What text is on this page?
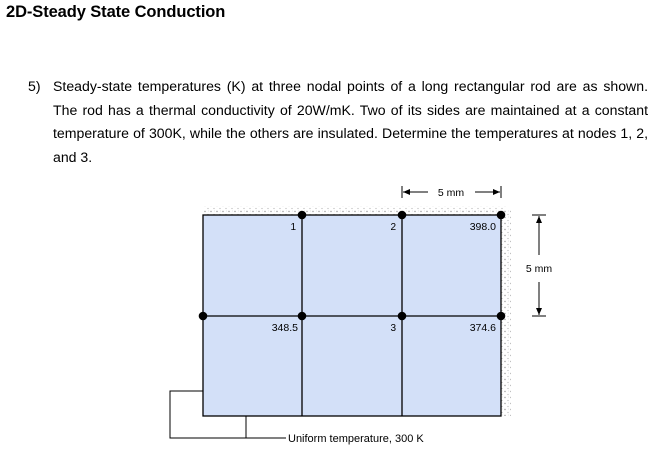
2D-Steady State Conduction
5) Steady-state temperatures (K) at three nodal points of a long rectangular rod are as shown. The rod has a thermal conductivity of 20W/mK. Two of its sides are maintained at a constant temperature of 300K, while the others are insulated. Determine the temperatures at nodes 1, 2, and 3.
1	2
3
398.0
348.5	374.6
5 mm
5 mm
Uniform temperature, 300 K
